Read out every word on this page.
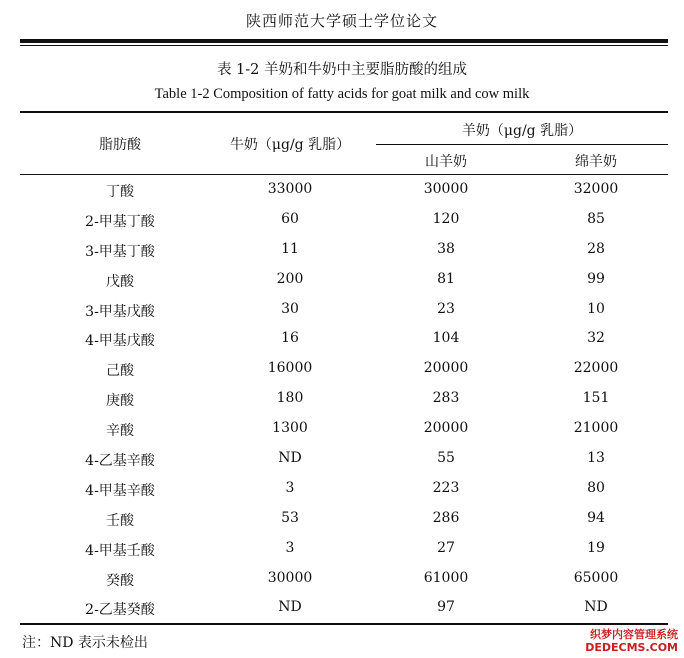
陕西师范大学硕士学位论文
表 1-2 羊奶和牛奶中主要脂肪酸的组成
Table 1-2 Composition of fatty acids for goat milk and cow milk
脂肪酸	牛奶（μg/g 乳脂）
羊奶（μg/g 乳脂）
山羊奶	绵羊奶
丁酸	33000	30000	32000
2-甲基丁酸	60	120	85
3-甲基丁酸	11	38	28
戊酸	200	81	99
3-甲基戊酸	30	23	10
4-甲基戊酸	16	104	32
己酸	16000	20000	22000
庚酸	180	283	151
辛酸	1300	20000	21000
4-乙基辛酸	ND	55	13
4-甲基辛酸	3	223	80
壬酸	53	286	94
4-甲基壬酸	3	27	19
癸酸	30000	61000	65000
2-乙基癸酸	ND	97	ND
注：ND 表示未检出
织梦内容管理系统
DEDECMS.COM
